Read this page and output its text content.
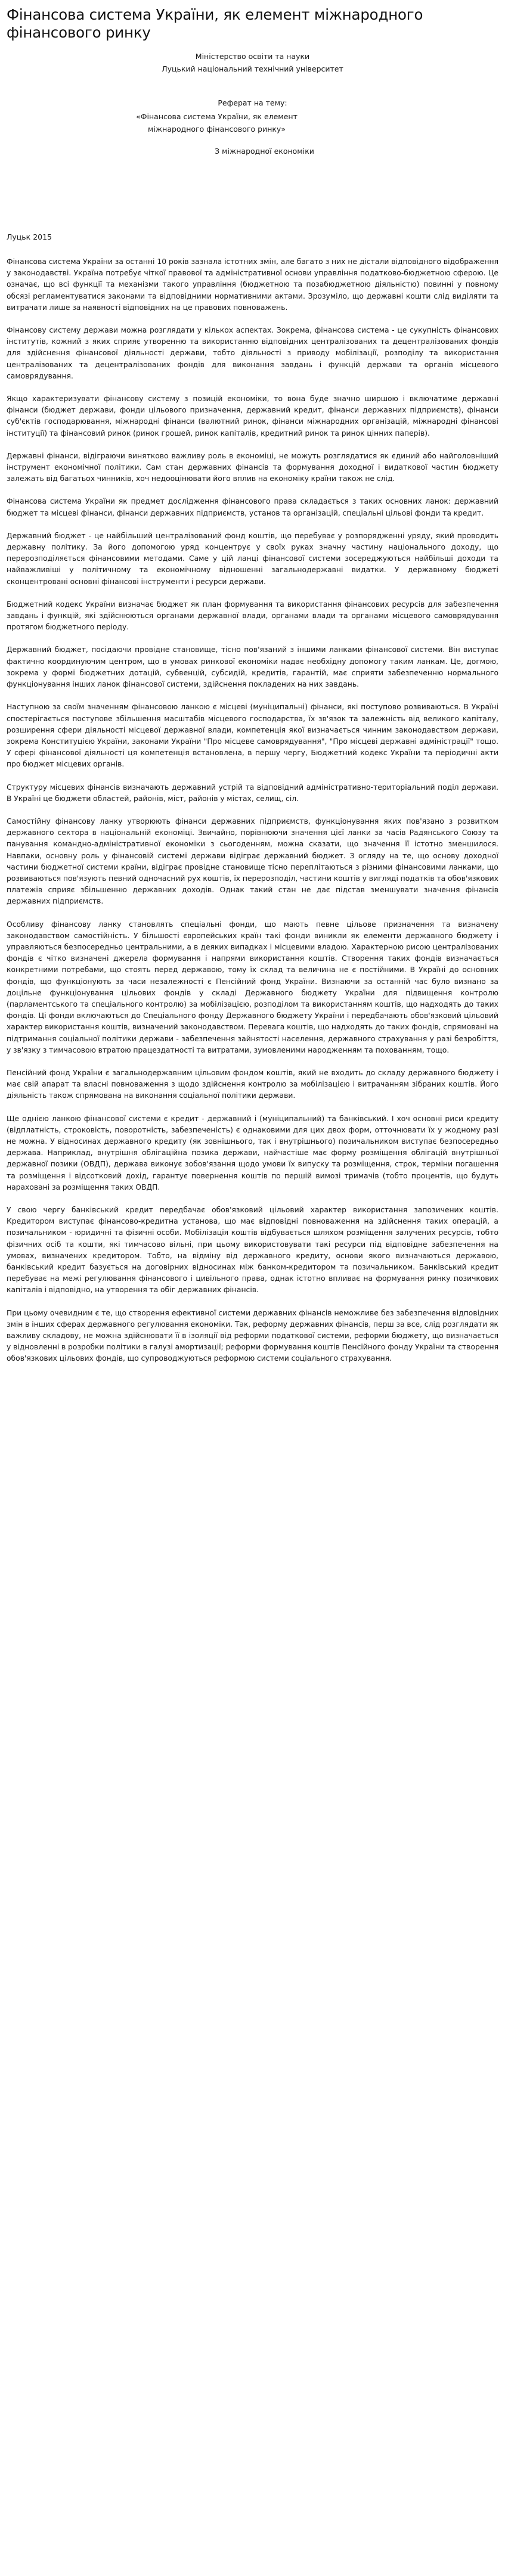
Фінансова система України, як елемент міжнародного фінансового ринку
Міністерство освіти та науки
Луцький національний технічний університет
Реферат на тему:
«Фінансова система України, як елемент міжнародного фінансового ринку»
З міжнародної економіки
Луцьк 2015

Фінансова система України за останні 10 років зазнала істотних змін, але багато з них не дістали відповідного відображення у законодавстві. Україна потребує чіткої правової та адміністративної основи управління податково-бюджетною сферою. Це означає, що всі функції та механізми такого управління (бюджетною та позабюджетною діяльністю) повинні у повному обсязі регламентуватися законами та відповідними нормативними актами. Зрозуміло, що державні кошти слід виділяти та витрачати лише за наявності відповідних на це правових повноважень.

Фінансову систему держави можна розглядати у кількох аспектах. Зокрема, фінансова система - це сукупність фінансових інститутів, кожний з яких сприяє утворенню та використанню відповідних централізованих та децентралізованих фондів для здійснення фінансової діяльності держави, тобто діяльності з приводу мобілізації, розподілу та використання централізованих та децентралізованих фондів для виконання завдань і функцій держави та органів місцевого самоврядування.

Якщо характеризувати фінансову систему з позицій економіки, то вона буде значно ширшою і включатиме державні фінанси (бюджет держави, фонди цільового призначення, державний кредит, фінанси державних підприємств), фінанси суб'єктів господарювання, міжнародні фінанси (валютний ринок, фінанси міжнародних організацій, міжнародні фінансові інституції) та фінансовий ринок (ринок грошей, ринок капіталів, кредитний ринок та ринок цінних паперів).

Державні фінанси, відіграючи винятково важливу роль в економіці, не можуть розглядатися як єдиний або найголовніший інструмент економічної політики. Сам стан державних фінансів та формування доходної і видаткової частин бюджету залежать від багатьох чинників, хоч недооцінювати його вплив на економіку країни також не слід.

Фінансова система України як предмет дослідження фінансового права складається з таких основних ланок: державний бюджет та місцеві фінанси, фінанси державних підприємств, установ та організацій, спеціальні цільові фонди та кредит.

Державний бюджет - це найбільший централізований фонд коштів, що перебуває у розпорядженні уряду, який проводить державну політику. За його допомогою уряд концентрує у своїх руках значну частину національного доходу, що перерозподіляється фінансовими методами. Саме у цій ланці фінансової системи зосереджуються найбільші доходи та найважливіші у політичному та економічному відношенні загальнодержавні видатки. У державному бюджеті сконцентровані основні фінансові інструменти і ресурси держави.

Бюджетний кодекс України визначає бюджет як план формування та використання фінансових ресурсів для забезпечення завдань і функцій, які здійснюються органами державної влади, органами влади та органами місцевого самоврядування протягом бюджетного періоду.

Державний бюджет, посідаючи провідне становище, тісно пов'язаний з іншими ланками фінансової системи. Він виступає фактично координуючим центром, що в умовах ринкової економіки надає необхідну допомогу таким ланкам. Це, догмою, зокрема у формі бюджетних дотацій, субвенцій, субсидій, кредитів, гарантій, має сприяти забезпеченню нормального функціонування інших ланок фінансової системи, здійснення покладених на них завдань.

Наступною за своїм значенням фінансовою ланкою є місцеві (муніципальні) фінанси, які поступово розвиваються. В Україні спостерігається поступове збільшення масштабів місцевого господарства, їх зв'язок та залежність від великого капіталу, розширення сфери діяльності місцевої державної влади, компетенція якої визначається чинним законодавством держави, зокрема Конституцією України, законами України "Про місцеве самоврядування", "Про місцеві державні адміністрації" тощо. У сфері фінансової діяльності ця компетенція встановлена, в першу чергу, Бюджетний кодекс України та періодичні акти про бюджет місцевих органів.

Структуру місцевих фінансів визначають державний устрій та відповідний адміністративно-територіальний поділ держави. В Україні це бюджети областей, районів, міст, районів у містах, селищ, сіл.

Самостійну фінансову ланку утворюють фінанси державних підприємств, функціонування яких пов'язано з розвитком державного сектора в національній економіці. Звичайно, порівнюючи значення цієї ланки за часів Радянського Союзу та панування командно-адміністративної економіки з сьогоденням, можна сказати, що значення її істотно зменшилося. Навпаки, основну роль у фінансовій системі держави відіграє державний бюджет. З огляду на те, що основу доходної частини бюджетної системи країни, відіграє провідне становище тісно переплітаються з різними фінансовими ланками, що розвиваються пов'язують певний одночасний рух коштів, їх перерозподіл, частини коштів у вигляді податків та обов'язкових платежів сприяє збільшенню державних доходів. Однак такий стан не дає підстав зменшувати значення фінансів державних підприємств.

Особливу фінансову ланку становлять спеціальні фонди, що мають певне цільове призначення та визначену законодавством самостійність. У більшості європейських країн такі фонди виникли як елементи державного бюджету і управляються безпосередньо центральними, а в деяких випадках і місцевими владою. Характерною рисою централізованих фондів є чітко визначені джерела формування і напрями використання коштів. Створення таких фондів визначається конкретними потребами, що стоять перед державою, тому їх склад та величина не є постійними. В Україні до основних фондів, що функціонують за часи незалежності є Пенсійний фонд України. Визнаючи за останній час було визнано за доцільне функціонування цільових фондів у складі Державного бюджету України для підвищення контролю (парламентського та спеціального контролю) за мобілізацією, розподілом та використанням коштів, що надходять до таких фондів. Ці фонди включаються до Спеціального фонду Державного бюджету України і передбачають обов'язковий цільовий характер використання коштів, визначений законодавством. Перевага коштів, що надходять до таких фондів, спрямовані на підтримання соціальної політики держави - забезпечення зайнятості населення, державного страхування у разі безробіття, у зв'язку з тимчасовою втратою працездатності та витратами, зумовленими народженням та похованням, тощо.

Пенсійний фонд України є загальнодержавним цільовим фондом коштів, який не входить до складу державного бюджету і має свій апарат та власні повноваження з щодо здійснення контролю за мобілізацією і витрачанням зібраних коштів. Його діяльність також спрямована на виконання соціальної політики держави.

Ще однією ланкою фінансової системи є кредит - державний і (муніципальний) та банківський. І хоч основні риси кредиту (відплатність, строковість, поворотність, забезпеченість) є однаковими для цих двох форм, отточнювати їх у жодному разі не можна. У відносинах державного кредиту (як зовнішнього, так і внутрішнього) позичальником виступає безпосередньо держава. Наприклад, внутрішня облігаційна позика держави, найчастіше має форму розміщення облігацій внутрішньої державної позики (ОВДП), держава виконує зобов'язання щодо умови їх випуску та розміщення, строк, терміни погашення та розміщення і відсотковий дохід, гарантує повернення коштів по першій вимозі тримачів (тобто процентів, що будуть нараховані за розміщення таких ОВДП.

У свою чергу банківський кредит передбачає обов'язковий цільовий характер використання запозичених коштів. Кредитором виступає фінансово-кредитна установа, що має відповідні повноваження на здійснення таких операцій, а позичальником - юридичні та фізичні особи. Мобілізація коштів відбувається шляхом розміщення залучених ресурсів, тобто фізичних осіб та кошти, які тимчасово вільні, при цьому використовувати такі ресурси під відповідне забезпечення на умовах, визначених кредитором. Тобто, на відміну від державного кредиту, основи якого визначаються державою, банківський кредит базується на договірних відносинах між банком-кредитором та позичальником. Банківський кредит перебуває на межі регулювання фінансового і цивільного права, однак істотно впливає на формування ринку позичкових капіталів і відповідно, на утворення та обіг державних фінансів.

При цьому очевидним є те, що створення ефективної системи державних фінансів неможливе без забезпечення відповідних змін в інших сферах державного регулювання економіки. Так, реформу державних фінансів, перш за все, слід розглядати як важливу складову, не можна здійснювати її в ізоляції від реформи податкової системи, реформи бюджету, що визначається у відновленні в розробки політики в галузі амортизації; реформи формування коштів Пенсійного фонду України та створення обов'язкових цільових фондів, що супроводжуються реформою системи соціального страхування.
